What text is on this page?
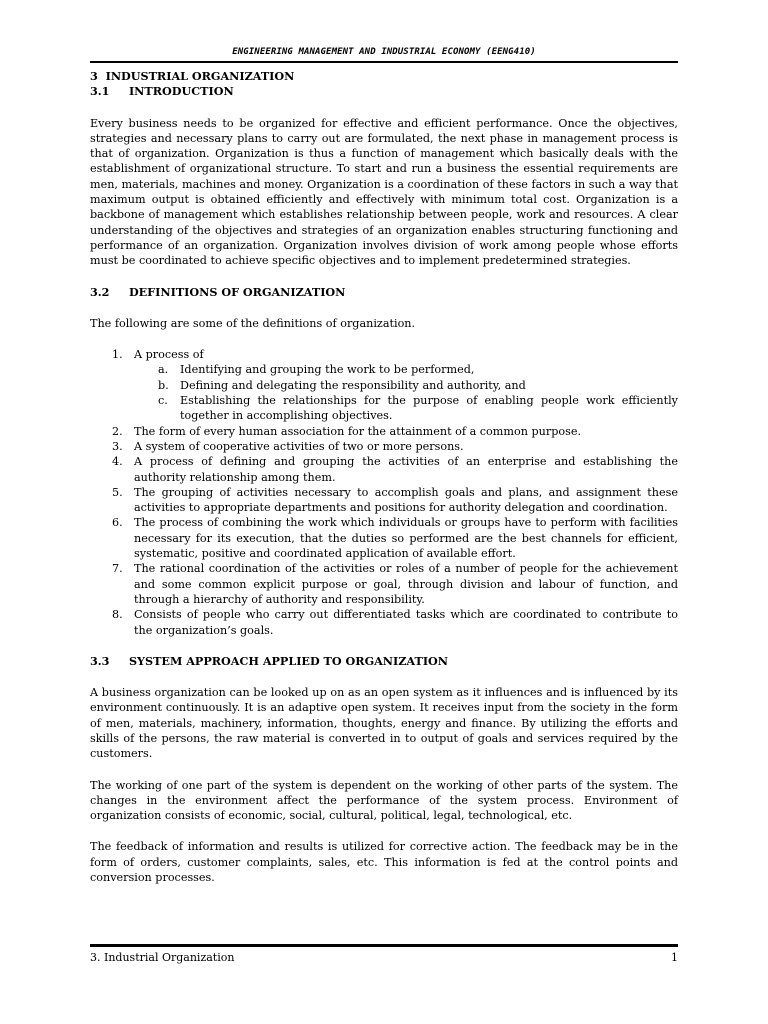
ENGINEERING MANAGEMENT AND INDUSTRIAL ECONOMY (EENG410)
3 INDUSTRIAL ORGANIZATION
3.1 INTRODUCTION

Every business needs to be organized for effective and efficient performance. Once the objectives, strategies and necessary plans to carry out are formulated, the next phase in management process is that of organization. Organization is thus a function of management which basically deals with the establishment of organizational structure. To start and run a business the essential requirements are men, materials, machines and money. Organization is a coordination of these factors in such a way that maximum output is obtained efficiently and effectively with minimum total cost. Organization is a backbone of management which establishes relationship between people, work and resources. A clear understanding of the objectives and strategies of an organization enables structuring functioning and performance of an organization. Organization involves division of work among people whose efforts must be coordinated to achieve specific objectives and to implement predetermined strategies.

3.2 DEFINITIONS OF ORGANIZATION

The following are some of the definitions of organization.

1. A process of
a. Identifying and grouping the work to be performed,
b. Defining and delegating the responsibility and authority, and
c. Establishing the relationships for the purpose of enabling people work efficiently together in accomplishing objectives.
2. The form of every human association for the attainment of a common purpose.
3. A system of cooperative activities of two or more persons.
4. A process of defining and grouping the activities of an enterprise and establishing the authority relationship among them.
5. The grouping of activities necessary to accomplish goals and plans, and assignment these activities to appropriate departments and positions for authority delegation and coordination.
6. The process of combining the work which individuals or groups have to perform with facilities necessary for its execution, that the duties so performed are the best channels for efficient, systematic, positive and coordinated application of available effort.
7. The rational coordination of the activities or roles of a number of people for the achievement and some common explicit purpose or goal, through division and labour of function, and through a hierarchy of authority and responsibility.
8. Consists of people who carry out differentiated tasks which are coordinated to contribute to the organization’s goals.
3.3 SYSTEM APPROACH APPLIED TO ORGANIZATION

A business organization can be looked up on as an open system as it influences and is influenced by its environment continuously. It is an adaptive open system. It receives input from the society in the form of men, materials, machinery, information, thoughts, energy and finance. By utilizing the efforts and skills of the persons, the raw material is converted in to output of goals and services required by the customers.

The working of one part of the system is dependent on the working of other parts of the system. The changes in the environment affect the performance of the system process. Environment of organization consists of economic, social, cultural, political, legal, technological, etc.

The feedback of information and results is utilized for corrective action. The feedback may be in the form of orders, customer complaints, sales, etc. This information is fed at the control points and conversion processes.

3. Industrial Organization	1
